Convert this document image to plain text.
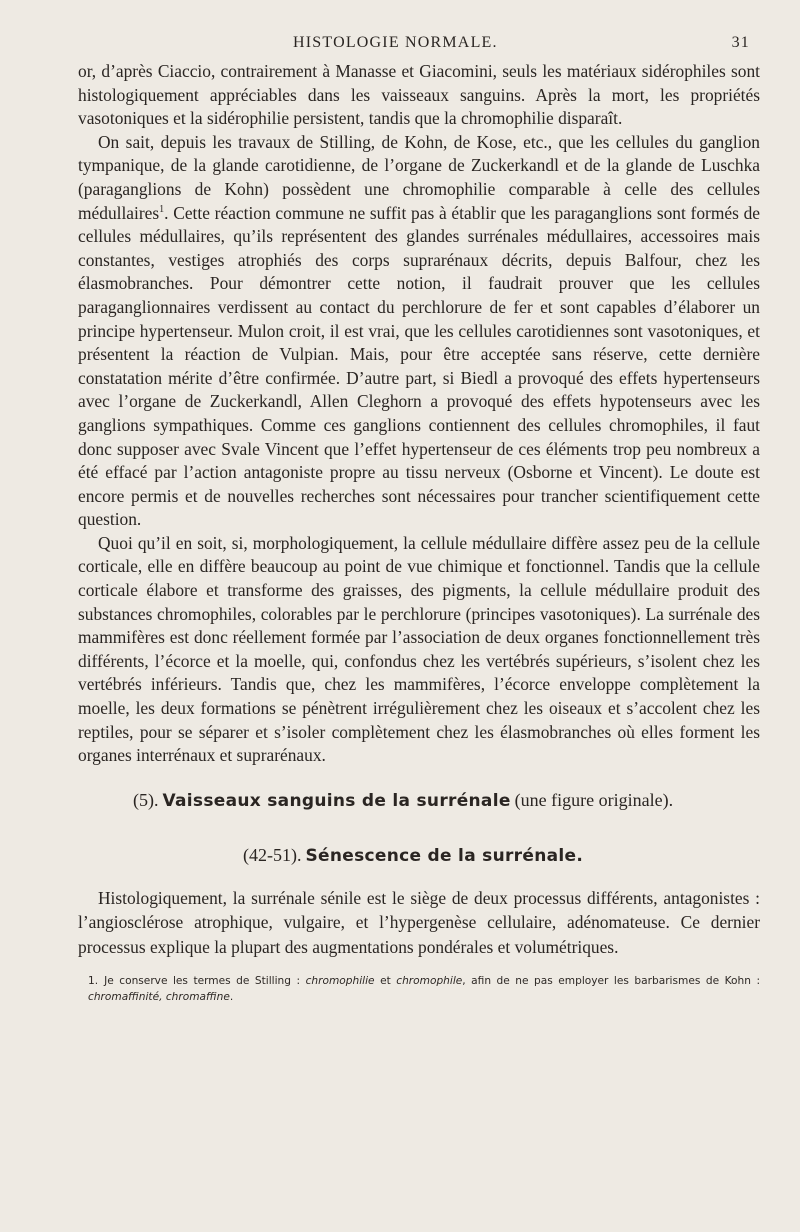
HISTOLOGIE NORMALE.	31

or, d’après Ciaccio, contrairement à Manasse et Giacomini, seuls les matériaux sidérophiles sont histologiquement appréciables dans les vaisseaux sanguins. Après la mort, les propriétés vasotoniques et la sidérophilie persistent, tandis que la chromophilie disparaît.

On sait, depuis les travaux de Stilling, de Kohn, de Kose, etc., que les cellules du ganglion tympanique, de la glande carotidienne, de l’organe de Zuckerkandl et de la glande de Luschka (paraganglions de Kohn) possèdent une chromophilie comparable à celle des cellules médullaires$^1$. Cette réaction commune ne suffit pas à établir que les paraganglions sont formés de cellules médullaires, qu’ils représentent des glandes surrénales médullaires, accessoires mais constantes, vestiges atrophiés des corps suprarénaux décrits, depuis Balfour, chez les élasmobranches. Pour démontrer cette notion, il faudrait prouver que les cellules paraganglionnaires verdissent au contact du perchlorure de fer et sont capables d’élaborer un principe hypertenseur. Mulon croit, il est vrai, que les cellules carotidiennes sont vasotoniques, et présentent la réaction de Vulpian. Mais, pour être acceptée sans réserve, cette dernière constatation mérite d’être confirmée. D’autre part, si Biedl a provoqué des effets hypertenseurs avec l’organe de Zuckerkandl, Allen Cleghorn a provoqué des effets hypotenseurs avec les ganglions sympathiques. Comme ces ganglions contiennent des cellules chromophiles, il faut donc supposer avec Svale Vincent que l’effet hypertenseur de ces éléments trop peu nombreux a été effacé par l’action antagoniste propre au tissu nerveux (Osborne et Vincent). Le doute est encore permis et de nouvelles recherches sont nécessaires pour trancher scientifiquement cette question.

Quoi qu’il en soit, si, morphologiquement, la cellule médullaire diffère assez peu de la cellule corticale, elle en diffère beaucoup au point de vue chimique et fonctionnel. Tandis que la cellule corticale élabore et transforme des graisses, des pigments, la cellule médullaire produit des substances chromophiles, colorables par le perchlorure (principes vasotoniques). La surrénale des mammifères est donc réellement formée par l’association de deux organes fonctionnellement très différents, l’écorce et la moelle, qui, confondus chez les vertébrés supérieurs, s’isolent chez les vertébrés inférieurs. Tandis que, chez les mammifères, l’écorce enveloppe complètement la moelle, les deux formations se pénètrent irrégulièrement chez les oiseaux et s’accolent chez les reptiles, pour se séparer et s’isoler complètement chez les élasmobranches où elles forment les organes interrénaux et suprarénaux.

(5). Vaisseaux sanguins de la surrénale (une figure originale).
(42-51). Sénescence de la surrénale.

Histologiquement, la surrénale sénile est le siège de deux processus différents, antagonistes : l’angiosclérose atrophique, vulgaire, et l’hypergenèse cellulaire, adénomateuse. Ce dernier processus explique la plupart des augmentations pondérales et volumétriques.

1. Je conserve les termes de Stilling : chromophilie et chromophile, afin de ne pas employer les barbarismes de Kohn : chromaffinité, chromaffine.
